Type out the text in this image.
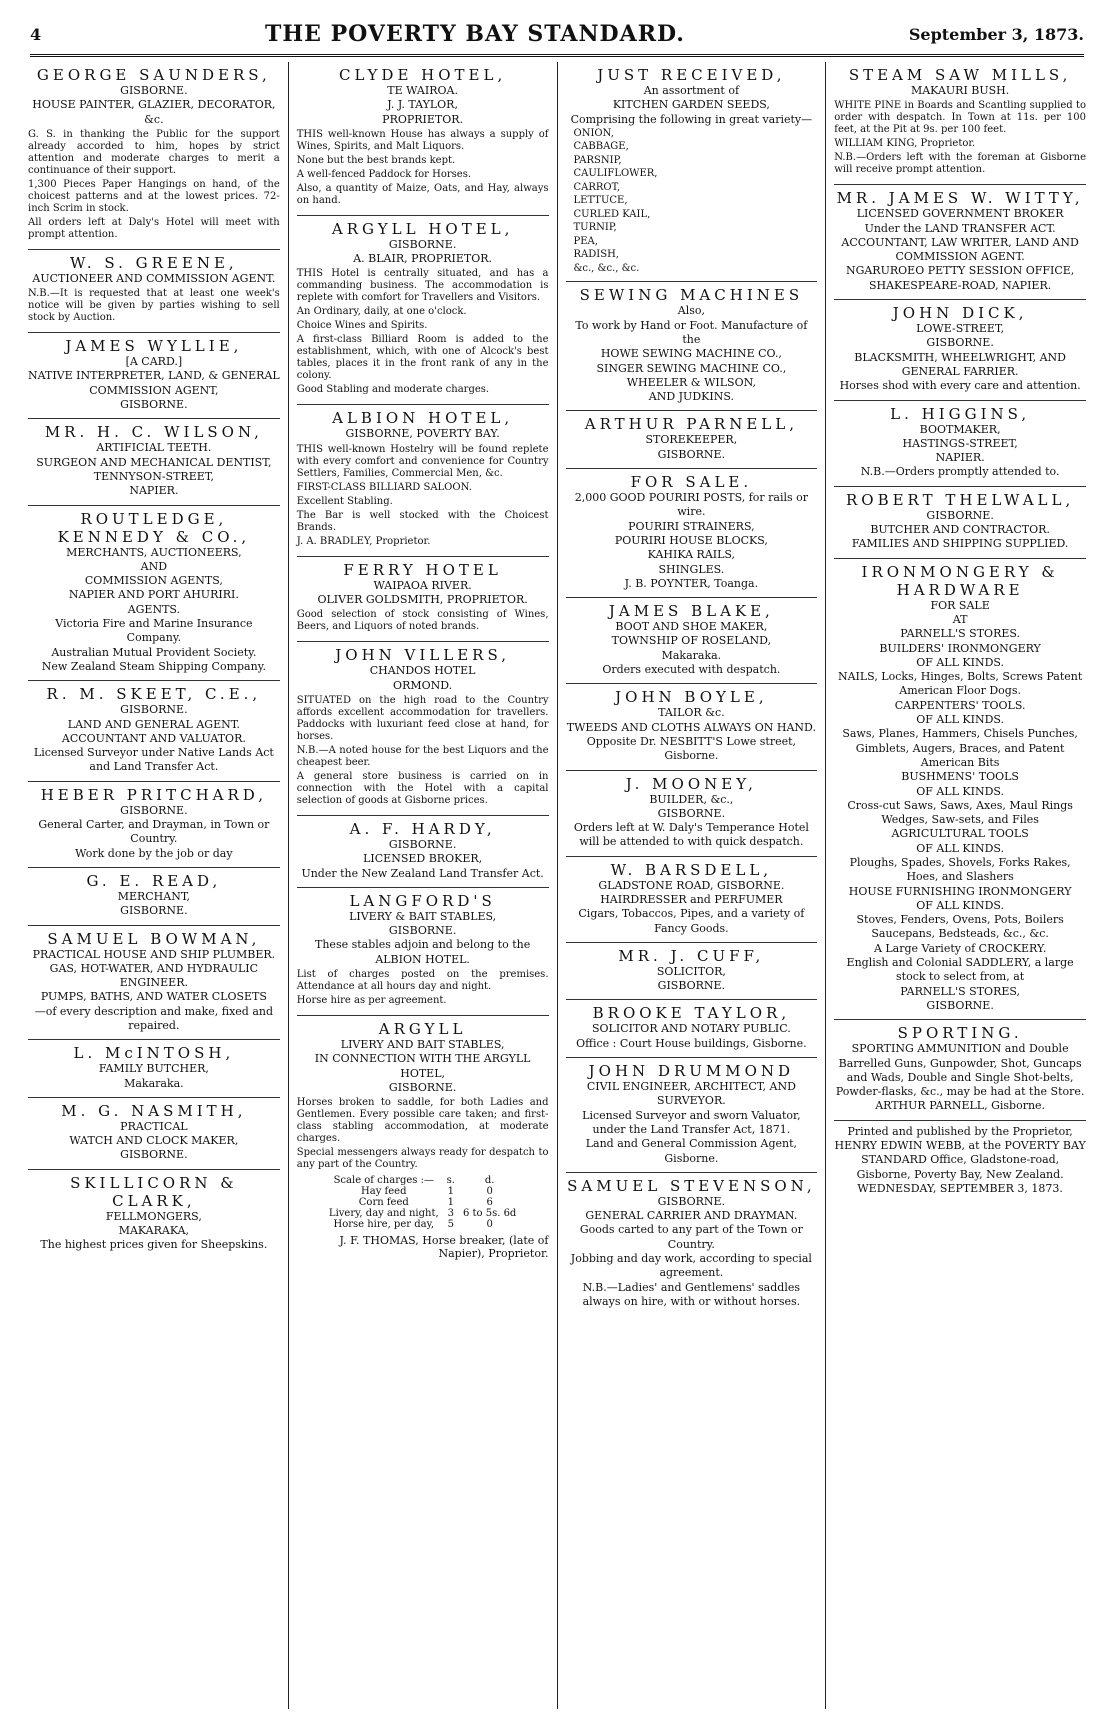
4	THE POVERTY BAY STANDARD.	September 3, 1873.
GEORGE SAUNDERS,
GISBORNE.
HOUSE PAINTER, GLAZIER, DECORATOR, &c.
G. S. in thanking the Public for the support already accorded to him, hopes by strict attention and moderate charges to merit a continuance of their support.
1,300 Pieces Paper Hangings on hand, of the choicest patterns and at the lowest prices. 72-inch Scrim in stock.
All orders left at Daly's Hotel will meet with prompt attention.
W. S. GREENE,
AUCTIONEER AND COMMISSION AGENT.
N.B.—It is requested that at least one week's notice will be given by parties wishing to sell stock by Auction.
JAMES WYLLIE,
[A CARD.]
NATIVE INTERPRETER, LAND, & GENERAL COMMISSION AGENT,
GISBORNE.
MR. H. C. WILSON,
ARTIFICIAL TEETH.
SURGEON AND MECHANICAL DENTIST,
TENNYSON-STREET,
NAPIER.
ROUTLEDGE, KENNEDY & CO.,
MERCHANTS, AUCTIONEERS,
AND
COMMISSION AGENTS,
NAPIER AND PORT AHURIRI.
AGENTS.
Victoria Fire and Marine Insurance Company.
Australian Mutual Provident Society.
New Zealand Steam Shipping Company.
R. M. SKEET, C.E.,
GISBORNE.
LAND AND GENERAL AGENT.
ACCOUNTANT AND VALUATOR.
Licensed Surveyor under Native Lands Act and Land Transfer Act.
HEBER PRITCHARD,
GISBORNE.
General Carter, and Drayman, in Town or Country.
Work done by the job or day
G. E. READ,
MERCHANT,
GISBORNE.
SAMUEL BOWMAN,
PRACTICAL HOUSE AND SHIP PLUMBER.
GAS, HOT-WATER, AND HYDRAULIC ENGINEER.
PUMPS, BATHS, AND WATER CLOSETS
—of every description and make, fixed and repaired.
L. McINTOSH,
FAMILY BUTCHER,
Makaraka.
M. G. NASMITH,
PRACTICAL
WATCH AND CLOCK MAKER,
GISBORNE.
SKILLICORN & CLARK,
FELLMONGERS,
MAKARAKA,
The highest prices given for Sheepskins.
CLYDE HOTEL,
TE WAIROA.
J. J. TAYLOR,
PROPRIETOR.
THIS well-known House has always a supply of Wines, Spirits, and Malt Liquors.
None but the best brands kept.
A well-fenced Paddock for Horses.
Also, a quantity of Maize, Oats, and Hay, always on hand.
ARGYLL HOTEL,
GISBORNE.
A. BLAIR, PROPRIETOR.
THIS Hotel is centrally situated, and has a commanding business. The accommodation is replete with comfort for Travellers and Visitors.
An Ordinary, daily, at one o'clock.
Choice Wines and Spirits.
A first-class Billiard Room is added to the establishment, which, with one of Alcock's best tables, places it in the front rank of any in the colony.
Good Stabling and moderate charges.
ALBION HOTEL,
GISBORNE, POVERTY BAY.
THIS well-known Hostelry will be found replete with every comfort and convenience for Country Settlers, Families, Commercial Men, &c.
FIRST-CLASS BILLIARD SALOON.
Excellent Stabling.
The Bar is well stocked with the Choicest Brands.
J. A. BRADLEY, Proprietor.
FERRY HOTEL
WAIPAOA RIVER.
OLIVER GOLDSMITH, PROPRIETOR.
Good selection of stock consisting of Wines, Beers, and Liquors of noted brands.
JOHN VILLERS,
CHANDOS HOTEL
ORMOND.
SITUATED on the high road to the Country affords excellent accommodation for travellers. Paddocks with luxuriant feed close at hand, for horses.
N.B.—A noted house for the best Liquors and the cheapest beer.
A general store business is carried on in connection with the Hotel with a capital selection of goods at Gisborne prices.
A. F. HARDY,
GISBORNE.
LICENSED BROKER,
Under the New Zealand Land Transfer Act.
LANGFORD'S
LIVERY & BAIT STABLES,
GISBORNE.
These stables adjoin and belong to the
ALBION HOTEL.
List of charges posted on the premises. Attendance at all hours day and night.
Horse hire as per agreement.
ARGYLL
LIVERY AND BAIT STABLES,
IN CONNECTION WITH THE ARGYLL HOTEL,
GISBORNE.
Horses broken to saddle, for both Ladies and Gentlemen. Every possible care taken; and first-class stabling accommodation, at moderate charges.
Special messengers always ready for despatch to any part of the Country.
Scale of charges :—	s.	d.
Hay feed	1	0
Corn feed	1	6
Livery, day and night,	3	6 to 5s. 6d
Horse hire, per day,	5	0
J. F. THOMAS, Horse breaker, (late of Napier), Proprietor.
JUST RECEIVED,
An assortment of
KITCHEN GARDEN SEEDS,
Comprising the following in great variety—
ONION,
CABBAGE,
PARSNIP,
CAULIFLOWER,
CARROT,
LETTUCE,
CURLED KAIL,
TURNIP,
PEA,
RADISH,
&c., &c., &c.
SEWING MACHINES
Also,
To work by Hand or Foot. Manufacture of the
HOWE SEWING MACHINE CO.,
SINGER SEWING MACHINE CO.,
WHEELER & WILSON,
AND JUDKINS.
ARTHUR PARNELL,
STOREKEEPER,
GISBORNE.
FOR SALE.
2,000 GOOD POURIRI POSTS, for rails or wire.
POURIRI STRAINERS,
POURIRI HOUSE BLOCKS,
KAHIKA RAILS,
SHINGLES.
J. B. POYNTER, Toanga.
JAMES BLAKE,
BOOT AND SHOE MAKER,
TOWNSHIP OF ROSELAND,
Makaraka.
Orders executed with despatch.
JOHN BOYLE,
TAILOR &c.
TWEEDS AND CLOTHS ALWAYS ON HAND.
Opposite Dr. NESBITT'S Lowe street, Gisborne.
J. MOONEY,
BUILDER, &c.,
GISBORNE.
Orders left at W. Daly's Temperance Hotel will be attended to with quick despatch.
W. BARSDELL,
GLADSTONE ROAD, GISBORNE.
HAIRDRESSER and PERFUMER
Cigars, Tobaccos, Pipes, and a variety of Fancy Goods.
MR. J. CUFF,
SOLICITOR,
GISBORNE.
BROOKE TAYLOR,
SOLICITOR AND NOTARY PUBLIC.
Office : Court House buildings, Gisborne.
JOHN DRUMMOND
CIVIL ENGINEER, ARCHITECT, AND SURVEYOR.
Licensed Surveyor and sworn Valuator, under the Land Transfer Act, 1871.
Land and General Commission Agent, Gisborne.
SAMUEL STEVENSON,
GISBORNE.
GENERAL CARRIER AND DRAYMAN.
Goods carted to any part of the Town or Country.
Jobbing and day work, according to special agreement.
N.B.—Ladies' and Gentlemens' saddles always on hire, with or without horses.
STEAM SAW MILLS,
MAKAURI BUSH.
WHITE PINE in Boards and Scantling supplied to order with despatch. In Town at 11s. per 100 feet, at the Pit at 9s. per 100 feet.
WILLIAM KING, Proprietor.
N.B.—Orders left with the foreman at Gisborne will receive prompt attention.
MR. JAMES W. WITTY,
LICENSED GOVERNMENT BROKER
Under the LAND TRANSFER ACT.
ACCOUNTANT, LAW WRITER, LAND AND COMMISSION AGENT.
NGARUROEO PETTY SESSION OFFICE,
SHAKESPEARE-ROAD, NAPIER.
JOHN DICK,
LOWE-STREET,
GISBORNE.
BLACKSMITH, WHEELWRIGHT, AND GENERAL FARRIER.
Horses shod with every care and attention.
L. HIGGINS,
BOOTMAKER,
HASTINGS-STREET,
NAPIER.
N.B.—Orders promptly attended to.
ROBERT THELWALL,
GISBORNE.
BUTCHER AND CONTRACTOR.
FAMILIES AND SHIPPING SUPPLIED.
IRONMONGERY & HARDWARE
FOR SALE
AT
PARNELL'S STORES.
BUILDERS' IRONMONGERY
OF ALL KINDS.
NAILS, Locks, Hinges, Bolts, Screws Patent American Floor Dogs.
CARPENTERS' TOOLS.
OF ALL KINDS.
Saws, Planes, Hammers, Chisels Punches, Gimblets, Augers, Braces, and Patent American Bits
BUSHMENS' TOOLS
OF ALL KINDS.
Cross-cut Saws, Saws, Axes, Maul Rings Wedges, Saw-sets, and Files
AGRICULTURAL TOOLS
OF ALL KINDS.
Ploughs, Spades, Shovels, Forks Rakes, Hoes, and Slashers
HOUSE FURNISHING IRONMONGERY
OF ALL KINDS.
Stoves, Fenders, Ovens, Pots, Boilers Saucepans, Bedsteads, &c., &c.
A Large Variety of CROCKERY.
English and Colonial SADDLERY, a large stock to select from, at
PARNELL'S STORES,
GISBORNE.
SPORTING.
SPORTING AMMUNITION and Double Barrelled Guns, Gunpowder, Shot, Guncaps and Wads, Double and Single Shot-belts, Powder-flasks, &c., may be had at the Store.
ARTHUR PARNELL, Gisborne.
Printed and published by the Proprietor, HENRY EDWIN WEBB, at the POVERTY BAY STANDARD Office, Gladstone-road, Gisborne, Poverty Bay, New Zealand.
WEDNESDAY, SEPTEMBER 3, 1873.
